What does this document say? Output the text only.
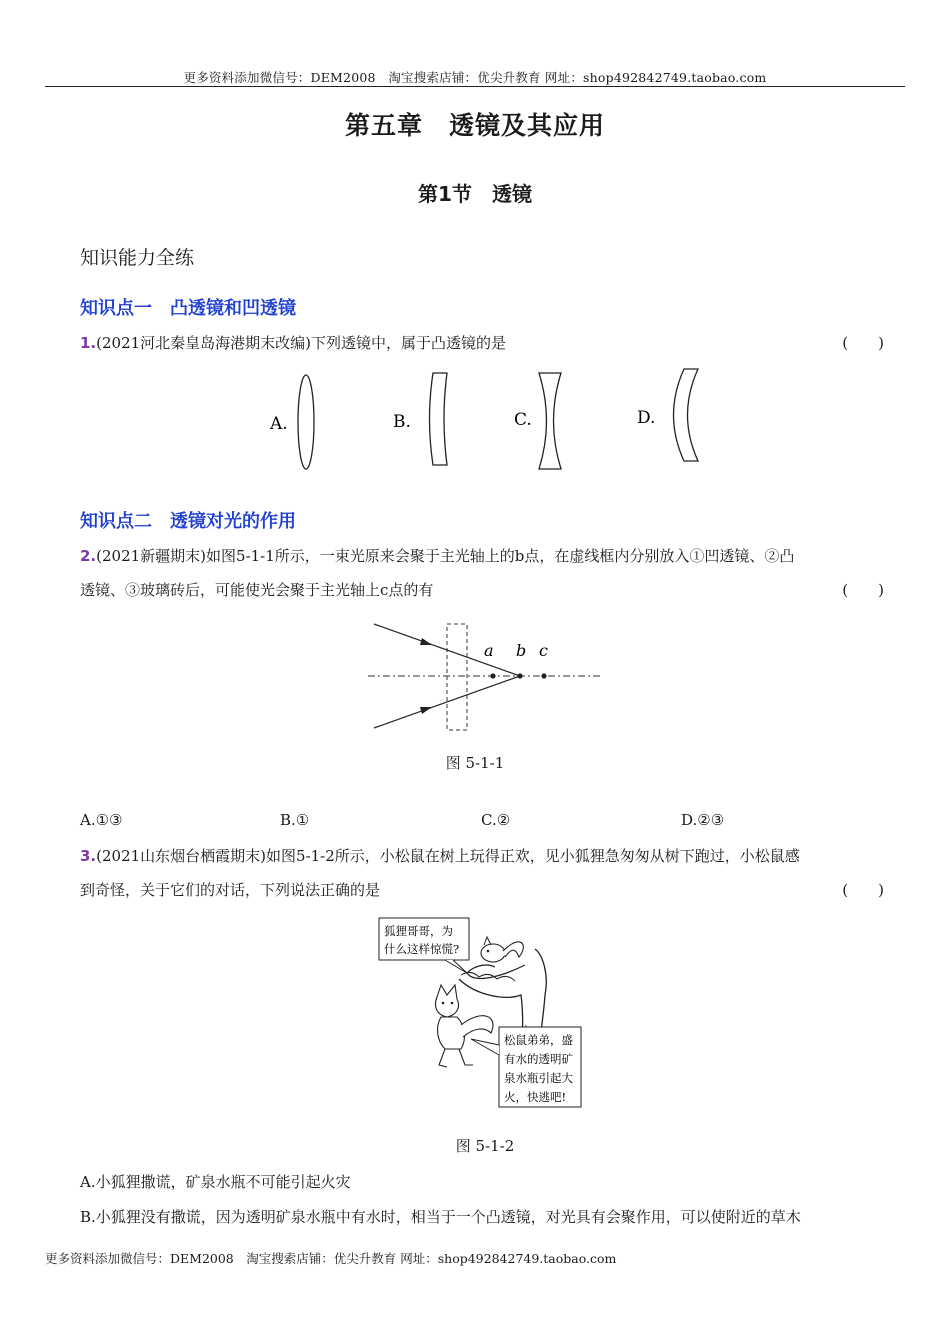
更多资料添加微信号：DEM2008　淘宝搜索店铺：优尖升教育 网址：shop492842749.taobao.com
第五章　透镜及其应用
第1节　透镜
知识能力全练
知识点一　凸透镜和凹透镜
1.(2021河北秦皇岛海港期末改编)下列透镜中，属于凸透镜的是	(　　)
A.	B.	C.	D.
知识点二　透镜对光的作用
2.(2021新疆期末)如图5-1-1所示，一束光原来会聚于主光轴上的b点，在虚线框内分别放入①凹透镜、②凸
透镜、③玻璃砖后，可能使光会聚于主光轴上c点的有	(　　)
a b c
图 5-1-1
A.①③	B.①	C.②	D.②③
3.(2021山东烟台栖霞期末)如图5-1-2所示，小松鼠在树上玩得正欢，见小狐狸急匆匆从树下跑过，小松鼠感
到奇怪，关于它们的对话，下列说法正确的是	(　　)
狐狸哥哥，为
什么这样惊慌?
松鼠弟弟，盛
有水的透明矿
泉水瓶引起大
火，快逃吧!
图 5-1-2
A.小狐狸撒谎，矿泉水瓶不可能引起火灾
B.小狐狸没有撒谎，因为透明矿泉水瓶中有水时，相当于一个凸透镜，对光具有会聚作用，可以使附近的草木
更多资料添加微信号：DEM2008　淘宝搜索店铺：优尖升教育 网址：shop492842749.taobao.com
